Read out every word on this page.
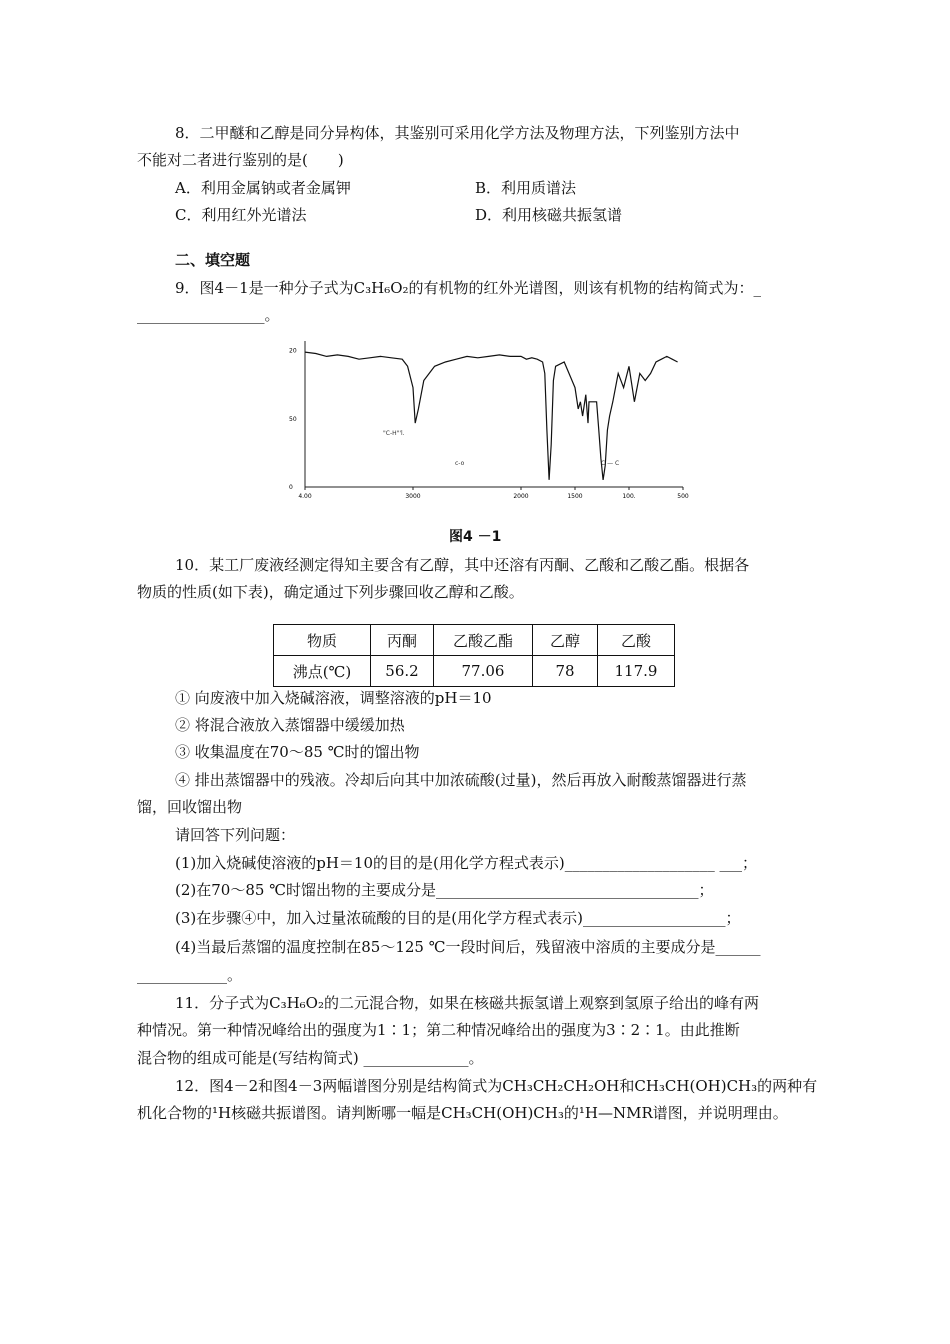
8．二甲醚和乙醇是同分异构体，其鉴别可采用化学方法及物理方法，下列鉴别方法中
不能对二者进行鉴别的是(　　)
A．利用金属钠或者金属钾	B．利用质谱法
C．利用红外光谱法	D．利用核磁共振氢谱
二、填空题
9．图4－1是一种分子式为C₃H₆O₂的有机物的红外光谱图，则该有机物的结构简式为：_
_________________。
20
50
0
4.00	3000	2000	1500	100.	500
"C-H"'l.
c-o	C — C
图4 －1
10．某工厂废液经测定得知主要含有乙醇，其中还溶有丙酮、乙酸和乙酸乙酯。根据各
物质的性质(如下表)，确定通过下列步骤回收乙醇和乙酸。
物质	丙酮	乙酸乙酯	乙醇	乙酸
沸点(℃)	56.2	77.06	78	117.9
① 向废液中加入烧碱溶液，调整溶液的pH＝10
② 将混合液放入蒸馏器中缓缓加热
③ 收集温度在70～85 ℃时的馏出物
④ 排出蒸馏器中的残液。冷却后向其中加浓硫酸(过量)，然后再放入耐酸蒸馏器进行蒸
馏，回收馏出物
请回答下列问题：
(1)加入烧碱使溶液的pH＝10的目的是(用化学方程式表示)____________________ ___；
(2)在70～85 ℃时馏出物的主要成分是___________________________________；
(3)在步骤④中，加入过量浓硫酸的目的是(用化学方程式表示)___________________；
(4)当最后蒸馏的温度控制在85～125 ℃一段时间后，残留液中溶质的主要成分是______
____________。
11．分子式为C₃H₆O₂的二元混合物，如果在核磁共振氢谱上观察到氢原子给出的峰有两
种情况。第一种情况峰给出的强度为1∶1；第二种情况峰给出的强度为3∶2∶1。由此推断
混合物的组成可能是(写结构简式) ______________。
12．图4－2和图4－3两幅谱图分别是结构简式为CH₃CH₂CH₂OH和CH₃CH(OH)CH₃的两种有
机化合物的¹H核磁共振谱图。请判断哪一幅是CH₃CH(OH)CH₃的¹H—NMR谱图，并说明理由。
